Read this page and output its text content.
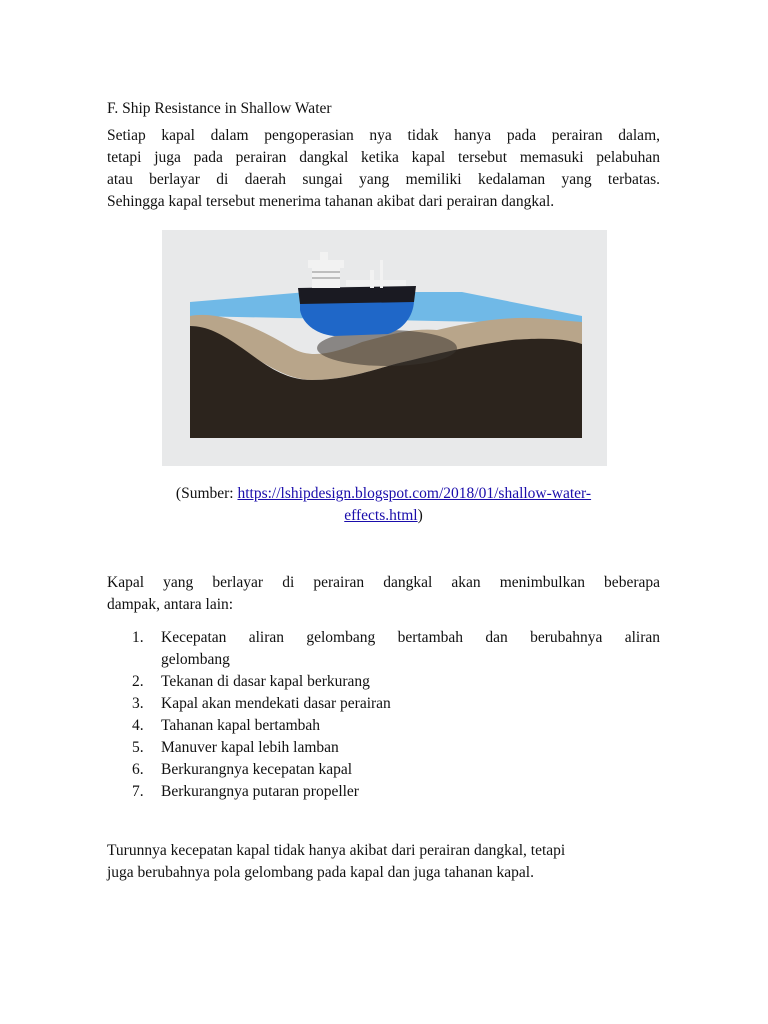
F. Ship Resistance in Shallow Water

Setiap kapal dalam pengoperasian nya tidak hanya pada perairan dalam,
tetapi juga pada perairan dangkal ketika kapal tersebut memasuki pelabuhan
atau berlayar di daerah sungai yang memiliki kedalaman yang terbatas.
Sehingga kapal tersebut menerima tahanan akibat dari perairan dangkal.

(Sumber: https://lshipdesign.blogspot.com/2018/01/shallow-water-
effects.html)

Kapal yang berlayar di perairan dangkal akan menimbulkan beberapa
dampak, antara lain:

1. Kecepatan aliran gelombang bertambah dan berubahnya aliran
gelombang
2. Tekanan di dasar kapal berkurang
3. Kapal akan mendekati dasar perairan
4. Tahanan kapal bertambah
5. Manuver kapal lebih lamban
6. Berkurangnya kecepatan kapal
7. Berkurangnya putaran propeller

Turunnya kecepatan kapal tidak hanya akibat dari perairan dangkal, tetapi
juga berubahnya pola gelombang pada kapal dan juga tahanan kapal.
